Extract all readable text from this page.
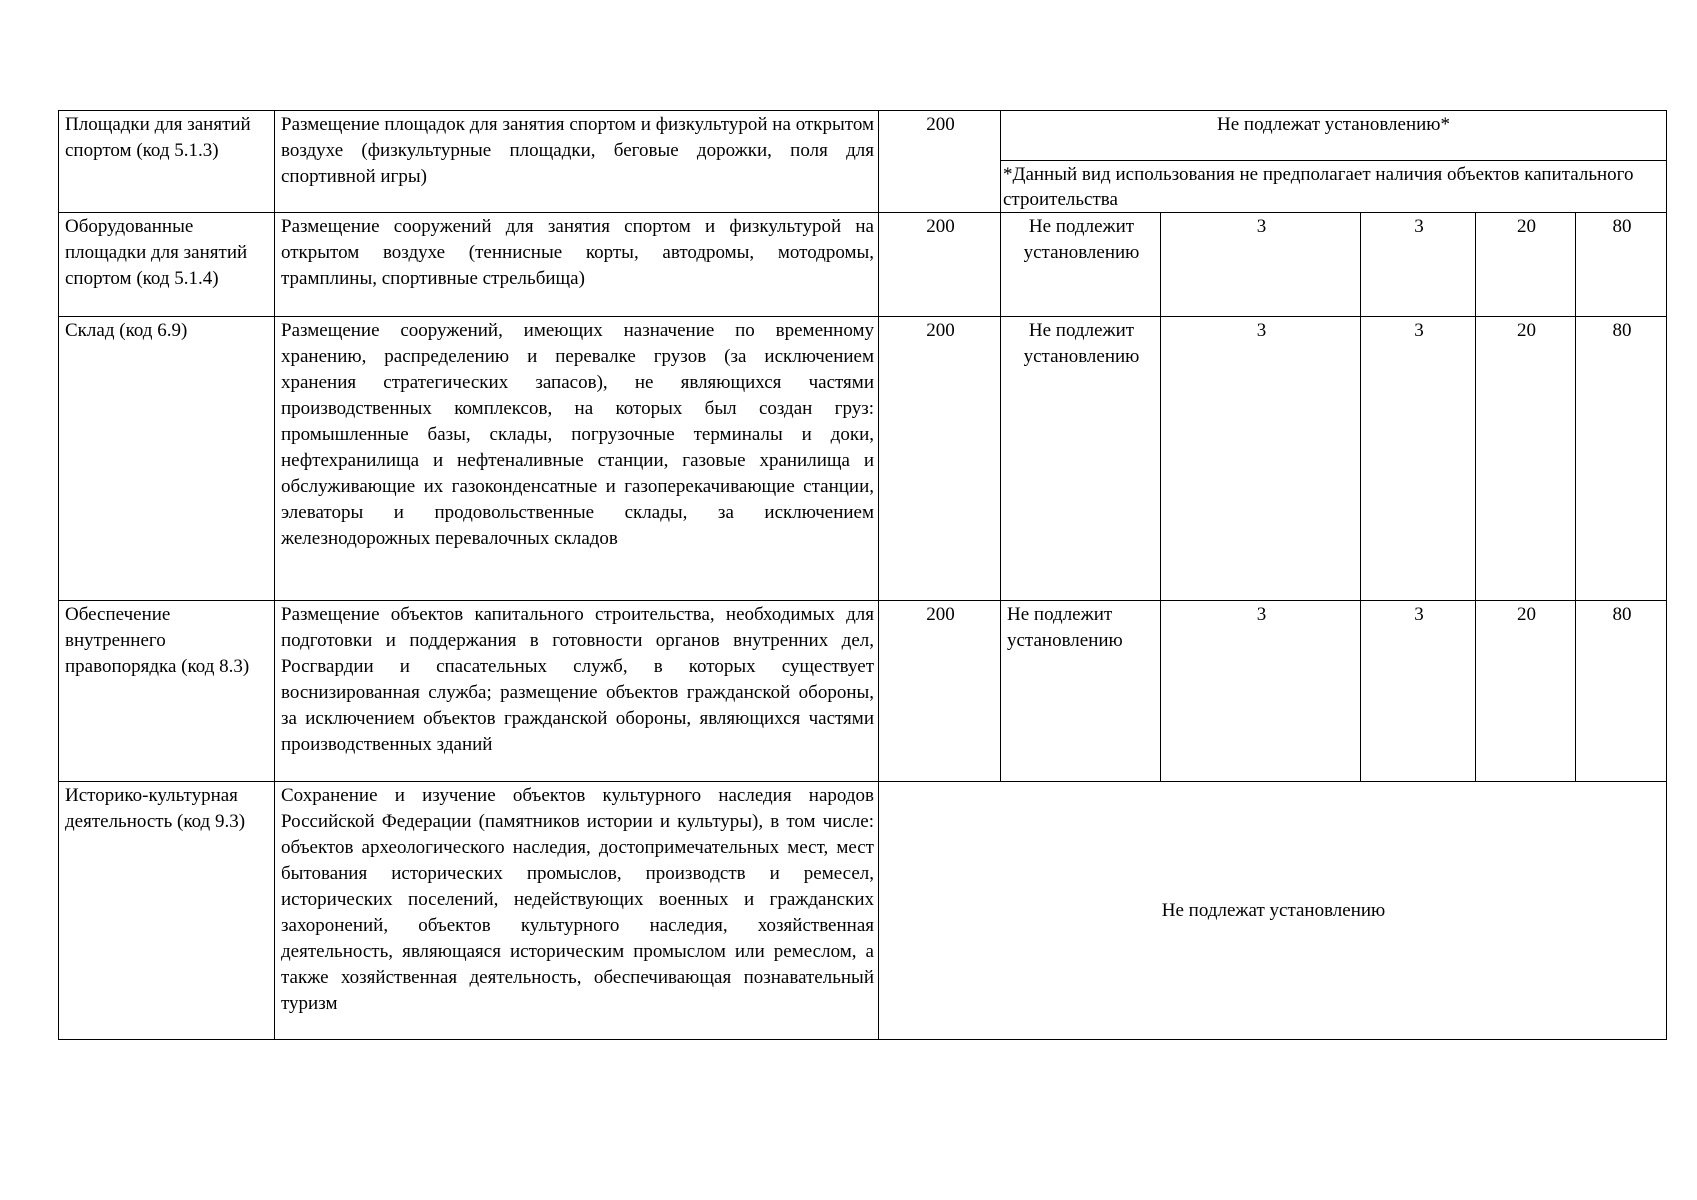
Площадки для занятий спортом (код 5.1.3)	Размещение площадок для занятия спортом и физкультурой на открытом воздухе (физкультурные площадки, беговые дорожки, поля для спортивной игры)	200	Не подлежат установлению*
*Данный вид использования не предполагает наличия объектов капитального строительства				

Оборудованные площадки для занятий спортом (код 5.1.4)	Размещение сооружений для занятия спортом и физкультурой на открытом воздухе (теннисные корты, автодромы, мотодромы, трамплины, спортивные стрельбища)	200	Не подлежит установлению	3	3	20	80
Склад (код 6.9)	Размещение сооружений, имеющих назначение по временному хранению, распределению и перевалке грузов (за исключением хранения стратегических запасов), не являющихся частями производственных комплексов, на которых был создан груз: промышленные базы, склады, погрузочные терминалы и доки, нефтехранилища и нефтеналивные станции, газовые хранилища и обслуживающие их газоконденсатные и газоперекачивающие станции, элеваторы и продовольственные склады, за исключением железнодорожных перевалочных складов	200	Не подлежит установлению	3	3	20	80
Обеспечение внутреннего правопорядка (код 8.3)	Размещение объектов капитального строительства, необходимых для подготовки и поддержания в готовности органов внутренних дел, Росгвардии и спасательных служб, в которых существует воснизированная служба; размещение объектов гражданской обороны, за исключением объектов гражданской обороны, являющихся частями производственных зданий	200	Не подлежит установлению	3	3	20	80
Историко-культурная деятельность (код 9.3)	Сохранение и изучение объектов культурного наследия народов Российской Федерации (памятников истории и культуры), в том числе: объектов археологического наследия, достопримечательных мест, мест бытования исторических промыслов, производств и ремесел, исторических поселений, недействующих военных и гражданских захоронений, объектов культурного наследия, хозяйственная деятельность, являющаяся историческим промыслом или ремеслом, а также хозяйственная деятельность, обеспечивающая познавательный туризм	Не подлежат установлению					
